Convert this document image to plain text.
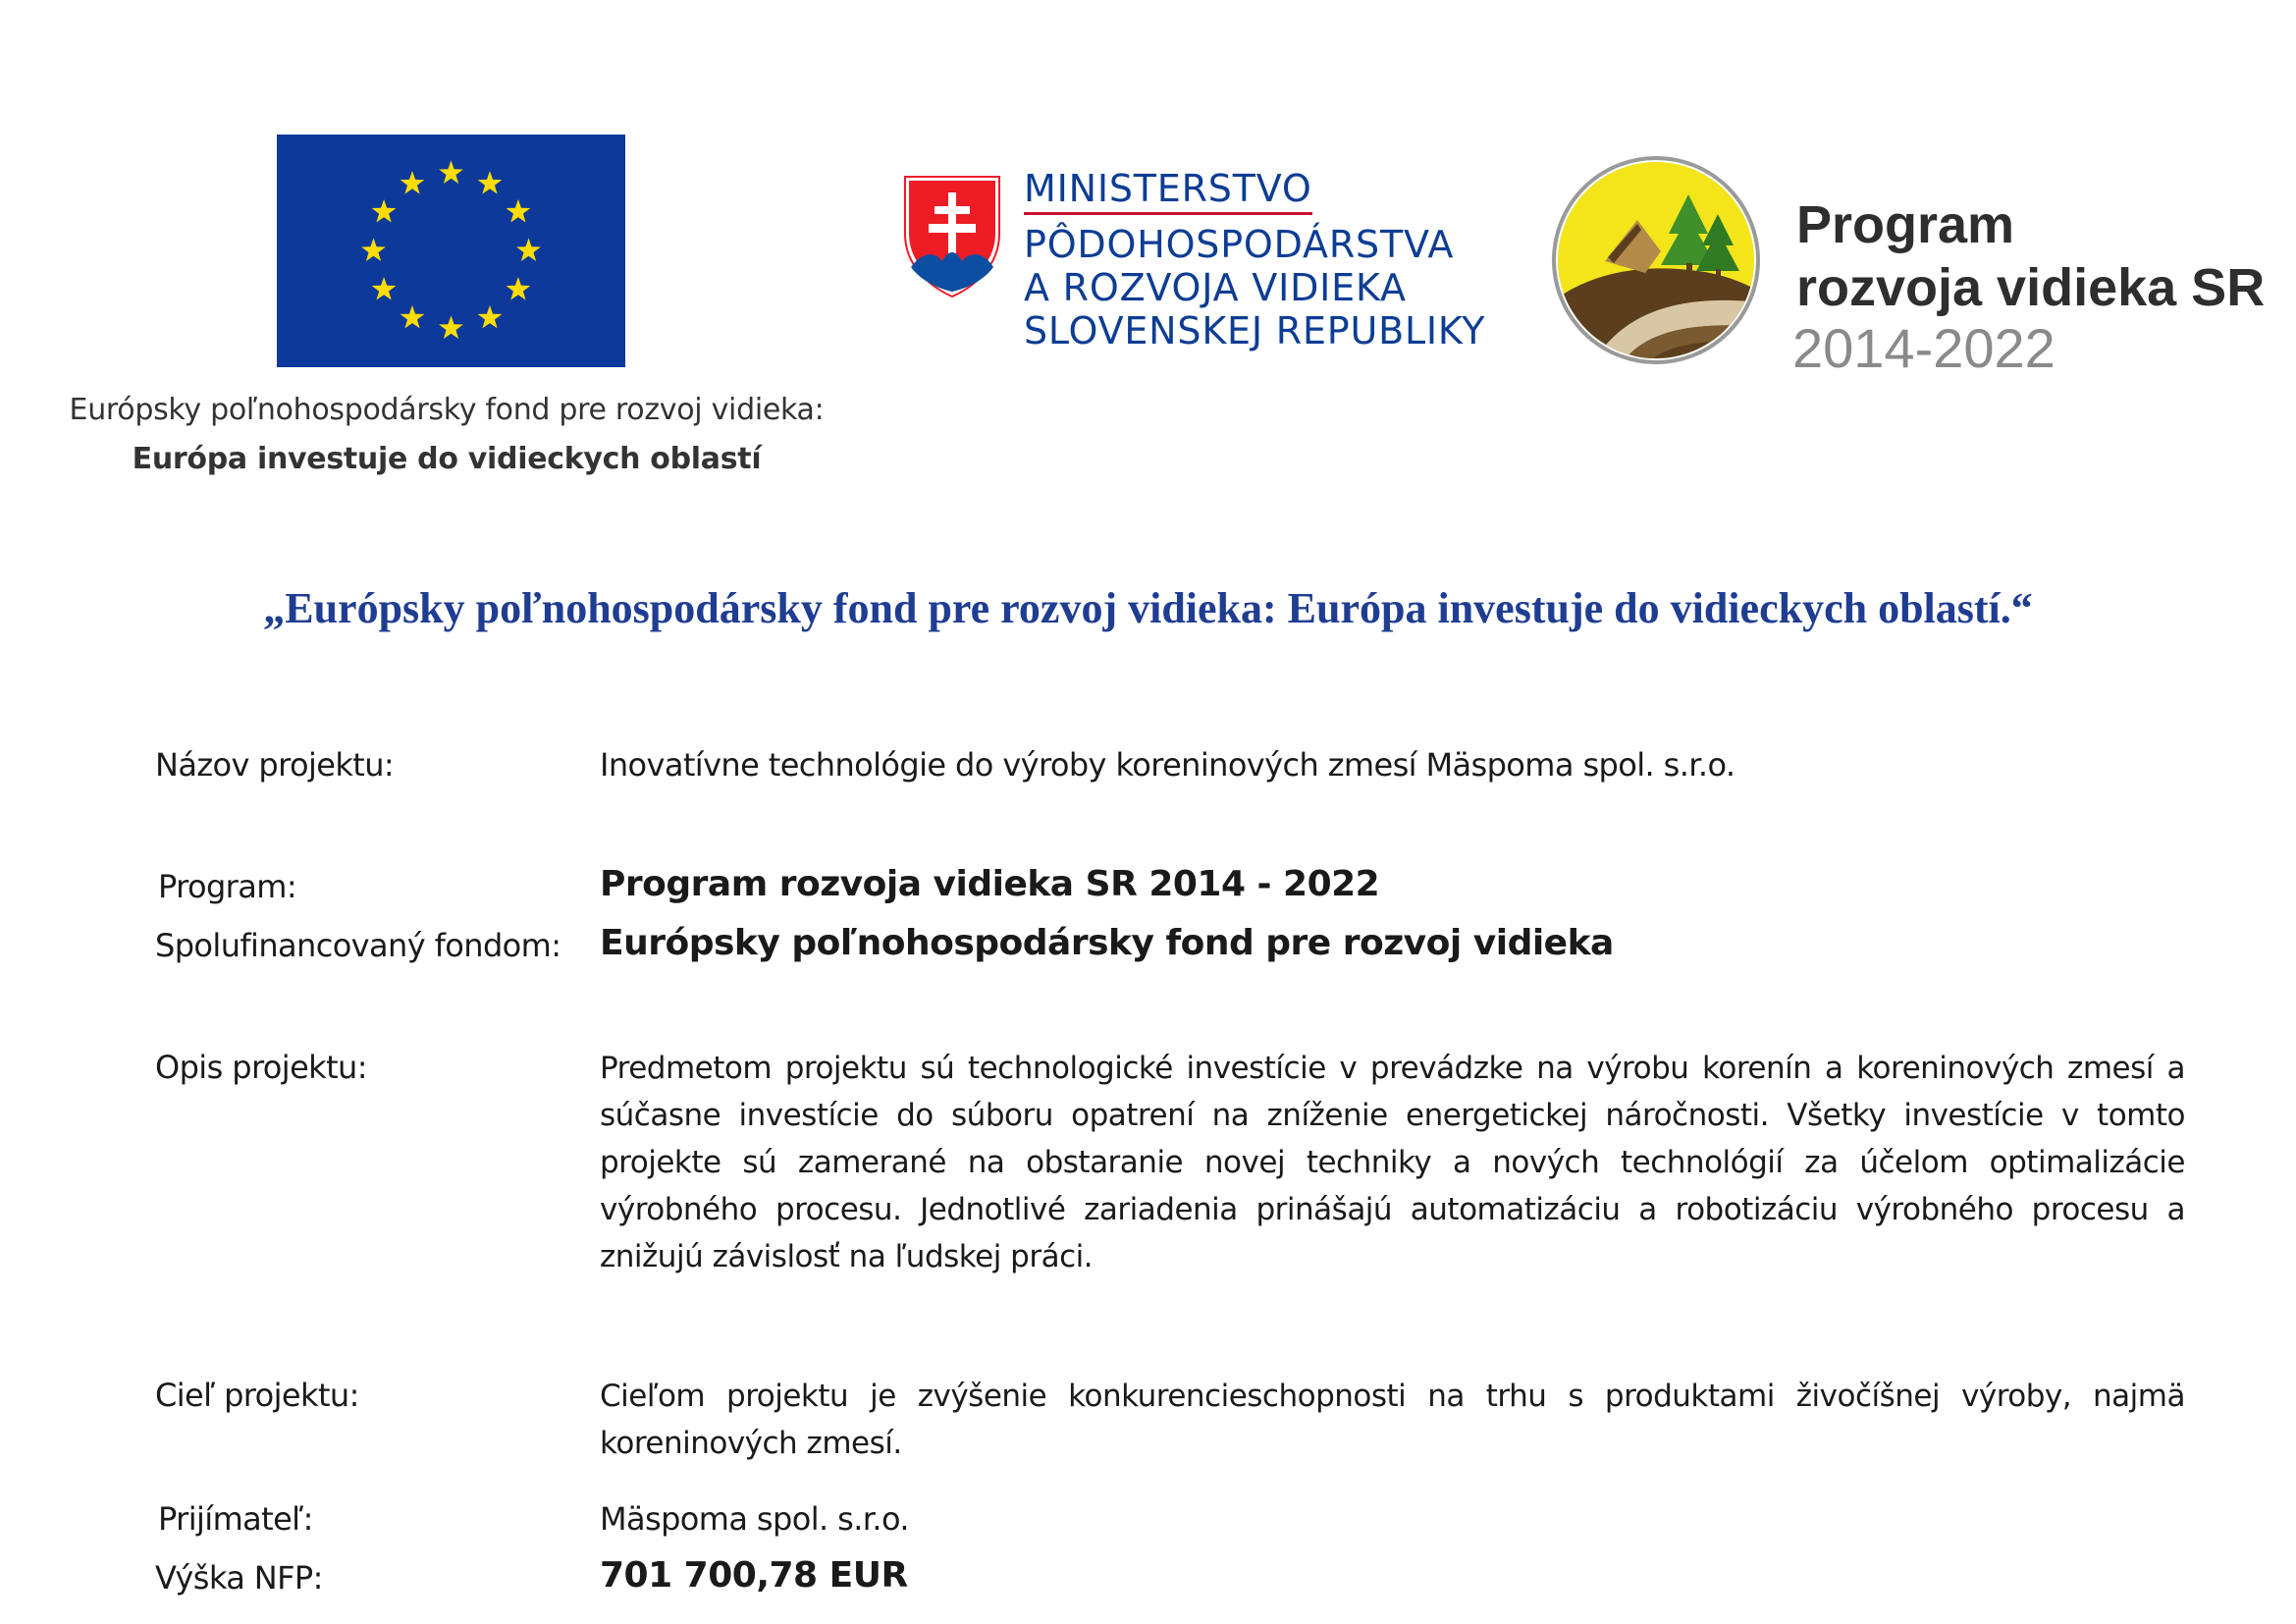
Európsky poľnohospodársky fond pre rozvoj vidieka:
Európa investuje do vidieckych oblastí
MINISTERSTVO
PÔDOHOSPODÁRSTVA
A ROZVOJA VIDIEKA
SLOVENSKEJ REPUBLIKY
Program
rozvoja vidieka SR
2014-2022
„Európsky poľnohospodársky fond pre rozvoj vidieka: Európa investuje do vidieckych oblastí.“
Názov projektu:	Inovatívne technológie do výroby koreninových zmesí Mäspoma spol. s.r.o.
Program:	Program rozvoja vidieka SR 2014 - 2022
Spolufinancovaný fondom: Európsky poľnohospodársky fond pre rozvoj vidieka
Opis projektu:	Predmetom projektu sú technologické investície v prevádzke na výrobu korenín a koreninových zmesí a súčasne investície do súboru opatrení na zníženie energetickej náročnosti. Všetky investície v tomto projekte sú zamerané na obstaranie novej techniky a nových technológií za účelom optimalizácie výrobného procesu. Jednotlivé zariadenia prinášajú automatizáciu a robotizáciu výrobného procesu a znižujú závislosť na ľudskej práci.
Cieľ projektu:	Cieľom projektu je zvýšenie konkurencieschopnosti na trhu s produktami živočíšnej výroby, najmä koreninových zmesí.
Prijímateľ:	Mäspoma spol. s.r.o.
Výška NFP:	701 700,78 EUR
